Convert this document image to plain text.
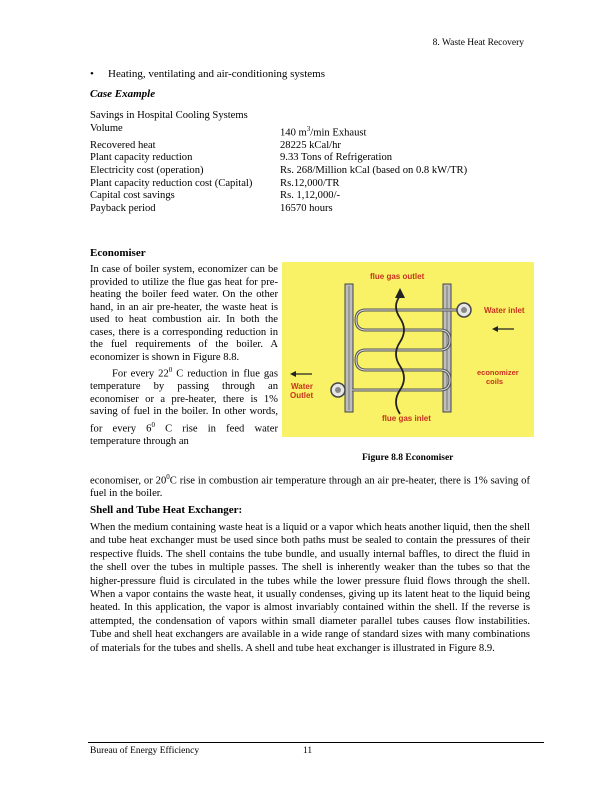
8. Waste Heat Recovery
• Heating, ventilating and air-conditioning systems
Case Example
Savings in Hospital Cooling Systems	
Volume	140 $m^3/\min$ Exhaust
Recovered heat	28225 kCal/hr
Plant capacity reduction	9.33 Tons of Refrigeration
Electricity cost (operation)	Rs. 268/Million kCal (based on 0.8 kW/TR)
Plant capacity reduction cost (Capital)	Rs.12,000/TR
Capital cost savings	Rs. 1,12,000/-
Payback period	16570 hours
Economiser

In case of boiler system, economizer can be provided to utilize the flue gas heat for pre-heating the boiler feed water. On the other hand, in an air pre-heater, the waste heat is used to heat combustion air. In both the cases, there is a corresponding reduction in the fuel requirements of the boiler. A economizer is shown in Figure 8.8.

For every $22^0$ C reduction in flue gas temperature by passing through an economiser or a pre-heater, there is 1% saving of fuel in the boiler. In other words, for every $6^0$ C rise in feed water temperature through an

economiser, or $20^0C$ rise in combustion air temperature through an air pre-heater, there is 1% saving of fuel in the boiler.
flue gas outlet
Water inlet
economizer
coils
Water
Outlet
flue gas inlet
Figure 8.8 Economiser
Shell and Tube Heat Exchanger:
When the medium containing waste heat is a liquid or a vapor which heats another liquid, then the shell and tube heat exchanger must be used since both paths must be sealed to contain the pressures of their respective fluids. The shell contains the tube bundle, and usually internal baffles, to direct the fluid in the shell over the tubes in multiple passes. The shell is inherently weaker than the tubes so that the higher-pressure fluid is circulated in the tubes while the lower pressure fluid flows through the shell. When a vapor contains the waste heat, it usually condenses, giving up its latent heat to the liquid being heated. In this application, the vapor is almost invariably contained within the shell. If the reverse is attempted, the condensation of vapors within small diameter parallel tubes causes flow instabilities. Tube and shell heat exchangers are available in a wide range of standard sizes with many combinations of materials for the tubes and shells. A shell and tube heat exchanger is illustrated in Figure 8.9.
Bureau of Energy Efficiency	11
